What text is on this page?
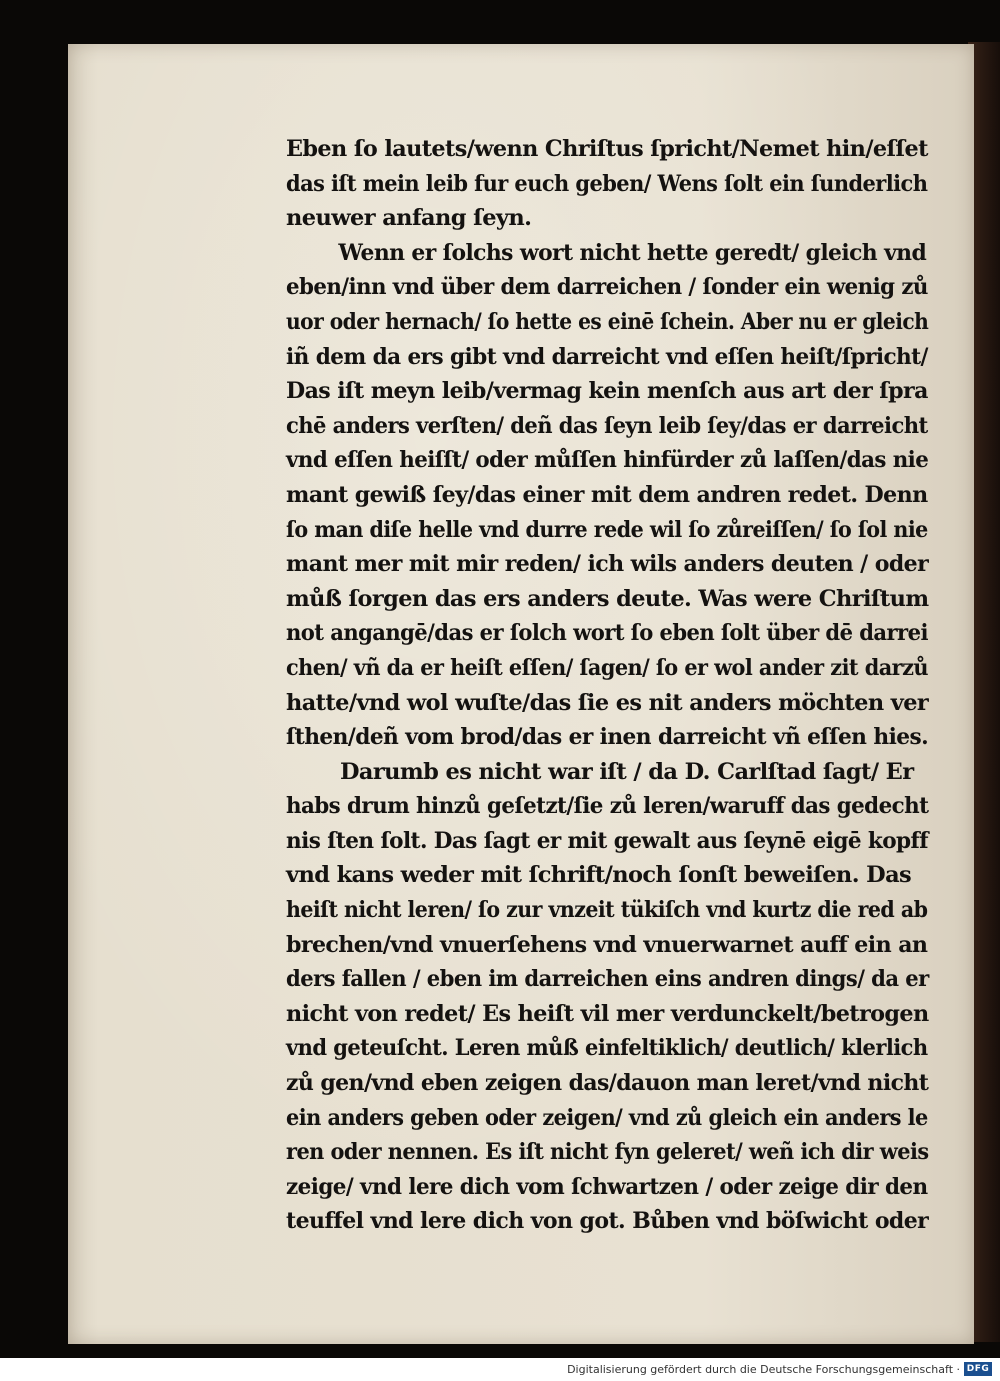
Eben ſo lautets/wenn Chriſtus ſpricht/Nemet hin/eſſet
das iſt mein leib fur euch geben/ Wens ſolt ein ſunderlich
neuwer anfang ſeyn.
Wenn er ſolchs wort nicht hette geredt/ gleich vnd
eben/inn vnd über dem darreichen / ſonder ein wenig zů
uor oder hernach/ ſo hette es einē ſchein. Aber nu er gleich
iñ dem da ers gibt vnd darreicht vnd eſſen heiſt/ſpricht/
Das iſt meyn leib/vermag kein menſch aus art der ſpra
chē anders verſten/ deñ das ſeyn leib ſey/das er darreicht
vnd eſſen heiſſt/ oder můſſen hinfürder zů laſſen/das nie
mant gewiß ſey/das einer mit dem andren redet. Denn
ſo man diſe helle vnd durre rede wil ſo zůreiſſen/ ſo ſol nie
mant mer mit mir reden/ ich wils anders deuten / oder
můß ſorgen das ers anders deute. Was were Chriſtum
not angangē/das er ſolch wort ſo eben ſolt über dē darrei
chen/ vñ da er heiſt eſſen/ ſagen/ ſo er wol ander zit darzů
hatte/vnd wol wuſte/das ſie es nit anders möchten ver
ſthen/deñ vom brod/das er inen darreicht vñ eſſen hies.
Darumb es nicht war iſt / da D. Carlſtad ſagt/ Er
habs drum hinzů geſetzt/ſie zů leren/waruff das gedecht
nis ſten ſolt. Das ſagt er mit gewalt aus ſeynē eigē kopff
vnd kans weder mit ſchrift/noch ſonſt beweiſen. Das
heiſt nicht leren/ ſo zur vnzeit tükiſch vnd kurtz die red ab
brechen/vnd vnuerſehens vnd vnuerwarnet auff ein an
ders fallen / eben im darreichen eins andren dings/ da er
nicht von redet/ Es heiſt vil mer verdunckelt/betrogen
vnd geteuſcht. Leren můß einfeltiklich/ deutlich/ klerlich
zů gen/vnd eben zeigen das/dauon man leret/vnd nicht
ein anders geben oder zeigen/ vnd zů gleich ein anders le
ren oder nennen. Es iſt nicht fyn geleret/ weñ ich dir weis
zeige/ vnd lere dich vom ſchwartzen / oder zeige dir den
teuffel vnd lere dich von got. Bůben vnd böſwicht oder
Digitalisierung gefördert durch die Deutsche Forschungsgemeinschaft · DFG
